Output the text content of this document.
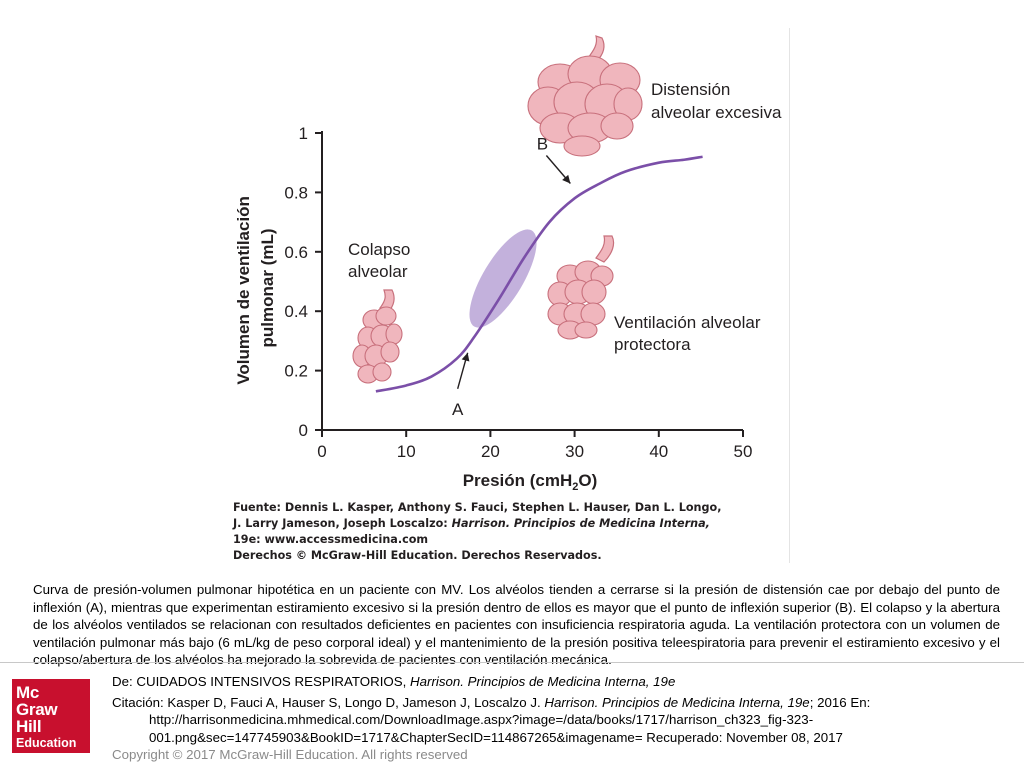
0
0.2
0.4
0.6
0.8
1
0	10	20	30	40	50
A
B
Distensión
alveolar excesiva
Colapso
alveolar
Ventilación alveolar
protectora
Volumen de ventilación pulmonar (mL)
Presión (cmH$_2$O)
Fuente: Dennis L. Kasper, Anthony S. Fauci, Stephen L. Hauser, Dan L. Longo,
J. Larry Jameson, Joseph Loscalzo: Harrison. Principios de Medicina Interna,
19e: www.accessmedicina.com
Derechos © McGraw-Hill Education. Derechos Reservados.
Curva de presión-volumen pulmonar hipotética en un paciente con MV. Los alvéolos tienden a cerrarse si la presión de distensión cae por debajo del punto de inflexión (A), mientras que experimentan estiramiento excesivo si la presión dentro de ellos es mayor que el punto de inflexión superior (B). El colapso y la abertura de los alvéolos ventilados se relacionan con resultados deficientes en pacientes con insuficiencia respiratoria aguda. La ventilación protectora con un volumen de ventilación pulmonar más bajo (6 mL/kg de peso corporal ideal) y el mantenimiento de la presión positiva teleespiratoria para prevenir el estiramiento excesivo y el colapso/abertura de los alvéolos ha mejorado la sobrevida de pacientes con ventilación mecánica.
Mc
Graw
Hill
Education
De: CUIDADOS INTENSIVOS RESPIRATORIOS, Harrison. Principios de Medicina Interna, 19e
Citación: Kasper D, Fauci A, Hauser S, Longo D, Jameson J, Loscalzo J. Harrison. Principios de Medicina Interna, 19e; 2016 En:
http://harrisonmedicina.mhmedical.com/DownloadImage.aspx?image=/data/books/1717/harrison_ch323_fig-323-
001.png&sec=147745903&BookID=1717&ChapterSecID=114867265&imagename= Recuperado: November 08, 2017
Copyright © 2017 McGraw-Hill Education. All rights reserved
